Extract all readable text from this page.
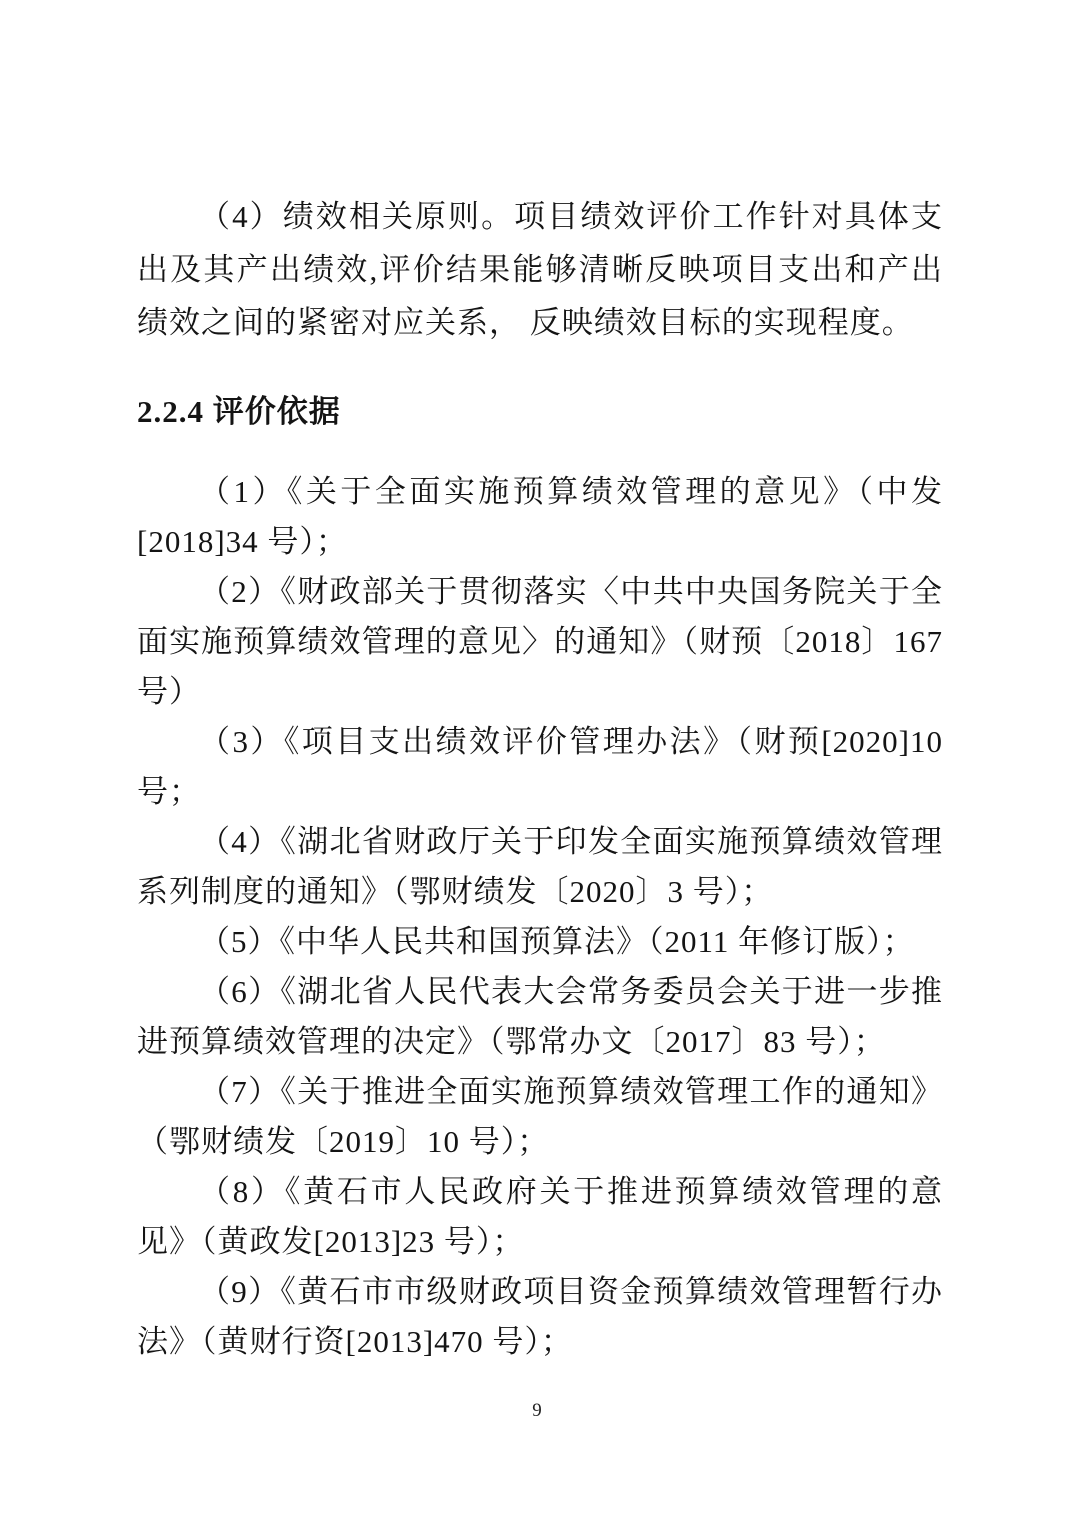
（4）绩效相关原则。项目绩效评价工作针对具体支出及其产出绩效,评价结果能够清晰反映项目支出和产出绩效之间的紧密对应关系， 反映绩效目标的实现程度。

2.2.4 评价依据

（1）《关于全面实施预算绩效管理的意见》（中发[2018]34 号）；

（2）《财政部关于贯彻落实〈中共中央国务院关于全面实施预算绩效管理的意见〉的通知》（财预〔2018〕167 号）

（3）《项目支出绩效评价管理办法》（财预[2020]10 号；

（4）《湖北省财政厅关于印发全面实施预算绩效管理系列制度的通知》（鄂财绩发〔2020〕3 号）；

（5）《中华人民共和国预算法》（2011 年修订版）；

（6）《湖北省人民代表大会常务委员会关于进一步推进预算绩效管理的决定》（鄂常办文〔2017〕83 号）；

（7）《关于推进全面实施预算绩效管理工作的通知》（鄂财绩发〔2019〕10 号）；

（8）《黄石市人民政府关于推进预算绩效管理的意见》（黄政发[2013]23 号）；

（9）《黄石市市级财政项目资金预算绩效管理暂行办法》（黄财行资[2013]470 号）；

9
